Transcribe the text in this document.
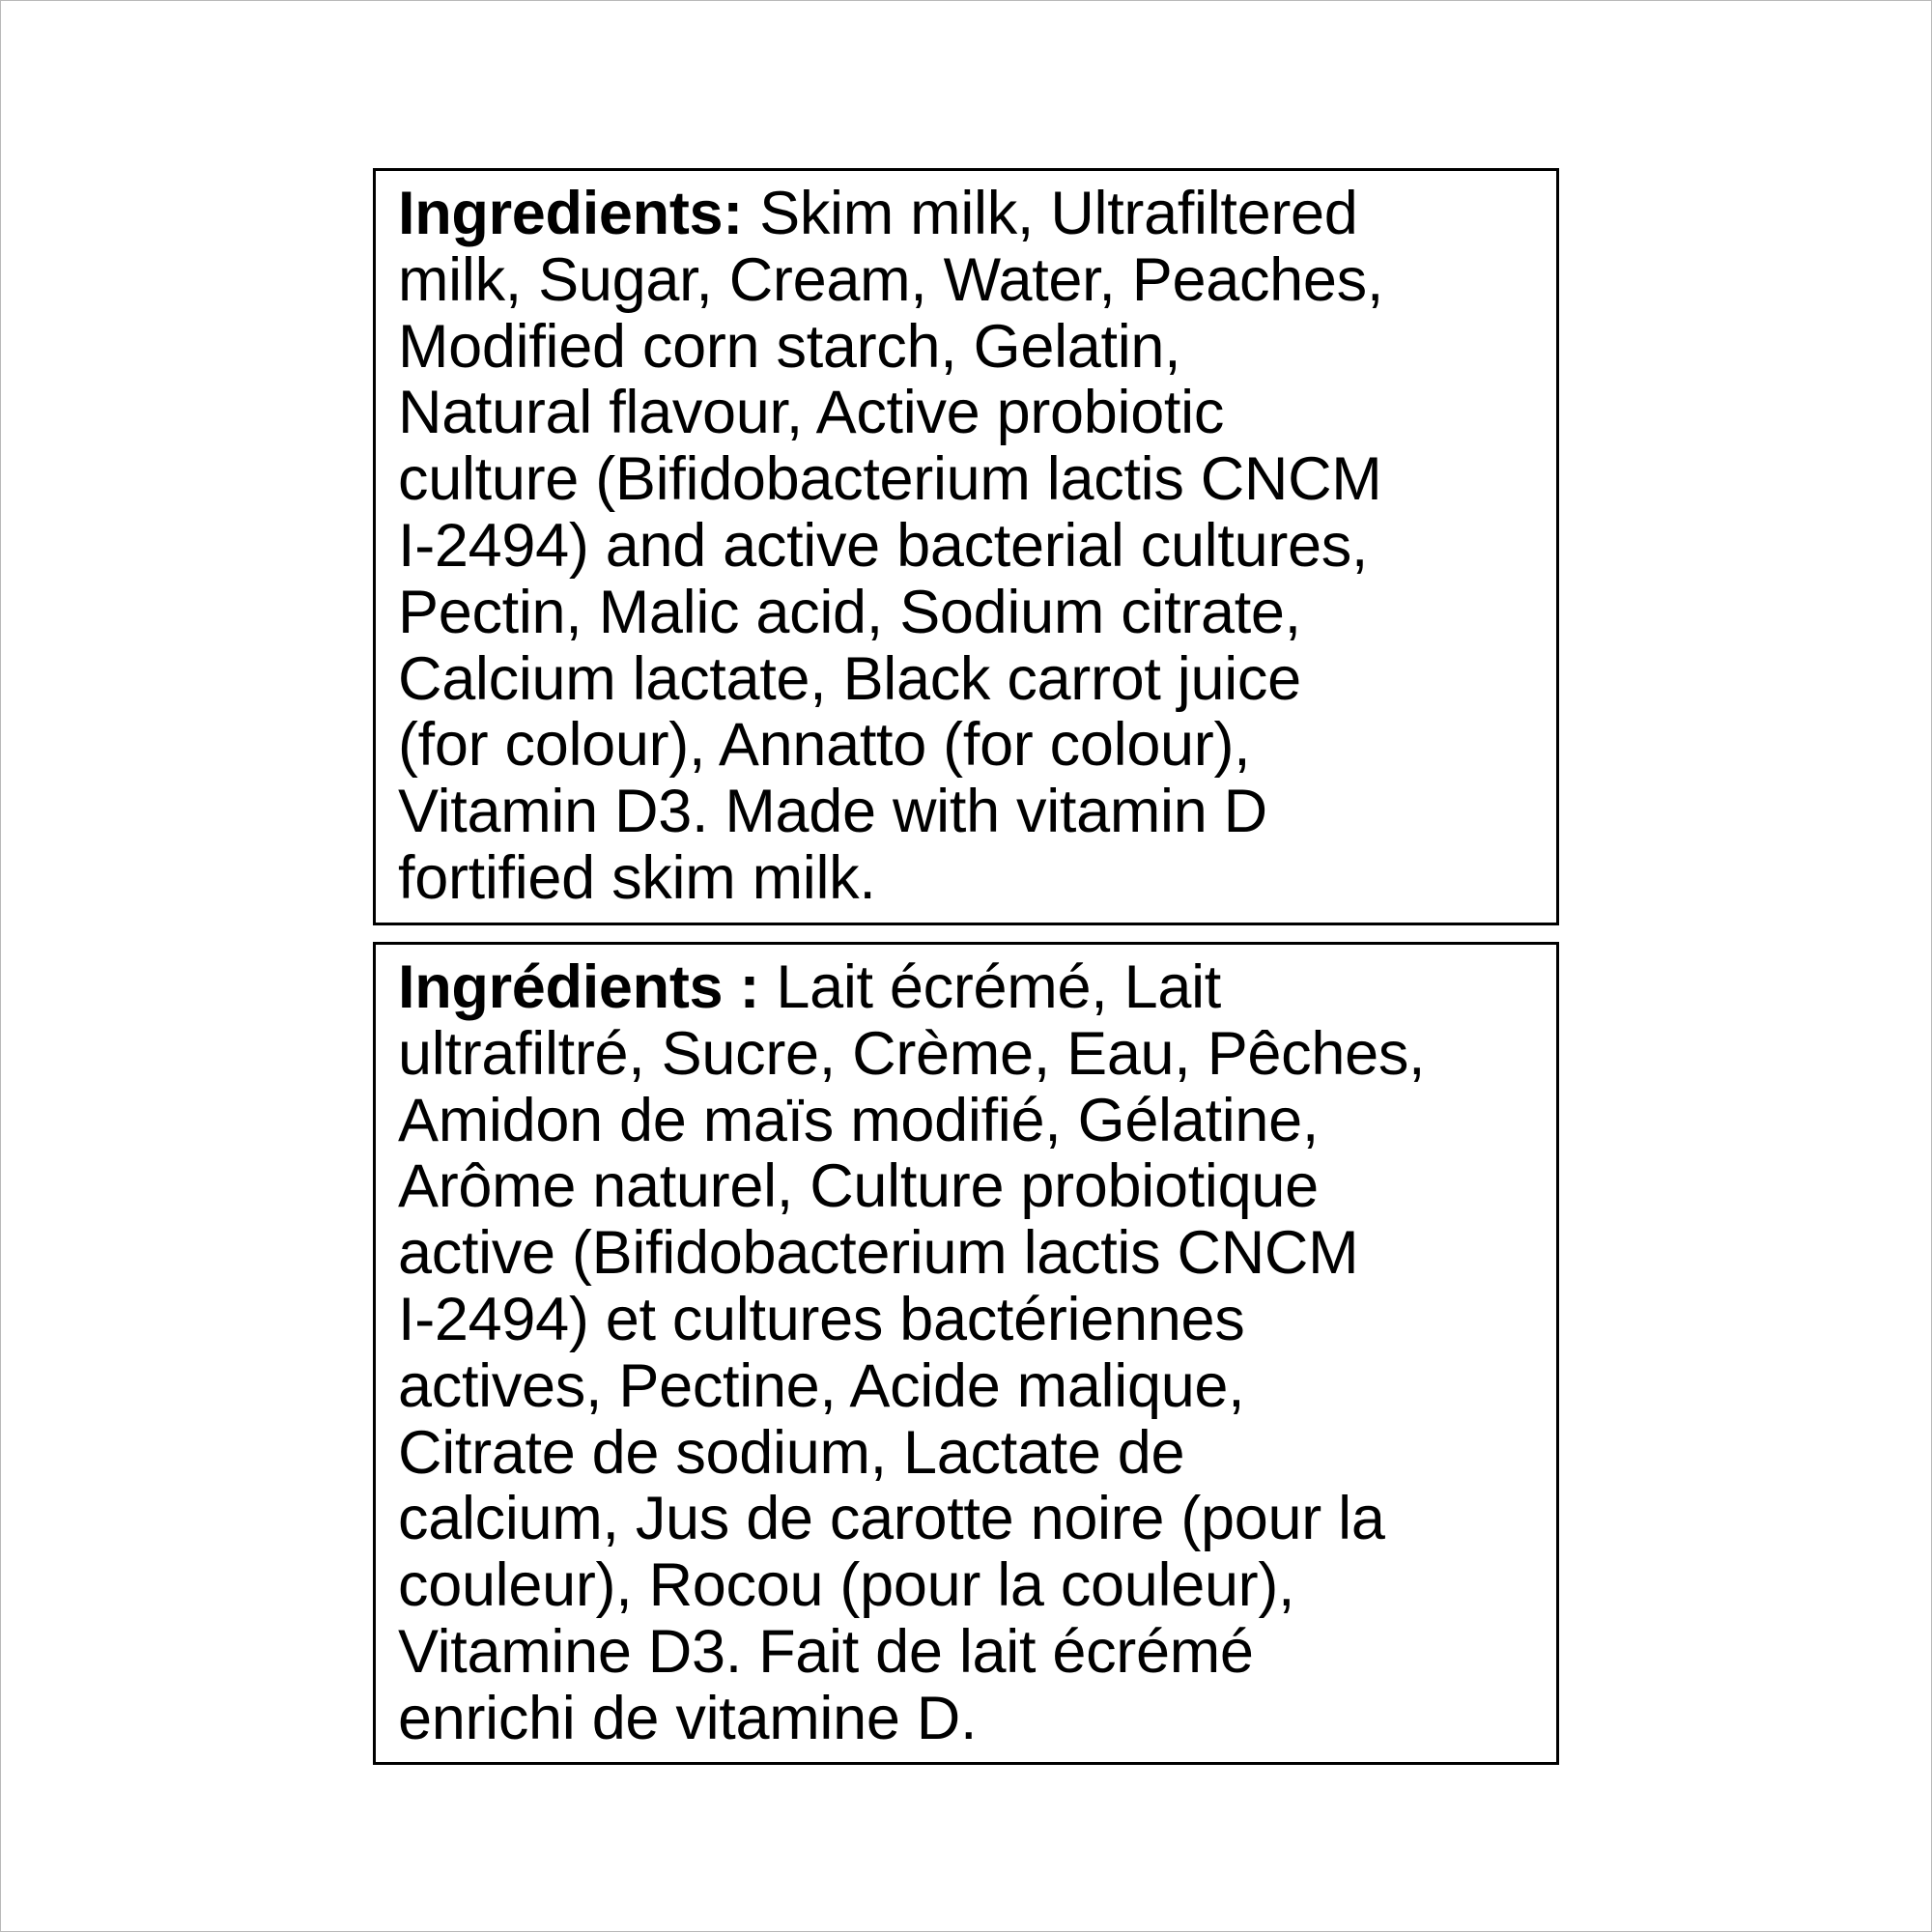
Ingredients: Skim milk, Ultrafiltered
milk, Sugar, Cream, Water, Peaches,
Modified corn starch, Gelatin,
Natural flavour, Active probiotic
culture (Bifidobacterium lactis CNCM
I-2494) and active bacterial cultures,
Pectin, Malic acid, Sodium citrate,
Calcium lactate, Black carrot juice
(for colour), Annatto (for colour),
Vitamin D3. Made with vitamin D
fortified skim milk.
Ingrédients : Lait écrémé, Lait
ultrafiltré, Sucre, Crème, Eau, Pêches,
Amidon de maïs modifié, Gélatine,
Arôme naturel, Culture probiotique
active (Bifidobacterium lactis CNCM
I-2494) et cultures bactériennes
actives, Pectine, Acide malique,
Citrate de sodium, Lactate de
calcium, Jus de carotte noire (pour la
couleur), Rocou (pour la couleur),
Vitamine D3. Fait de lait écrémé
enrichi de vitamine D.
